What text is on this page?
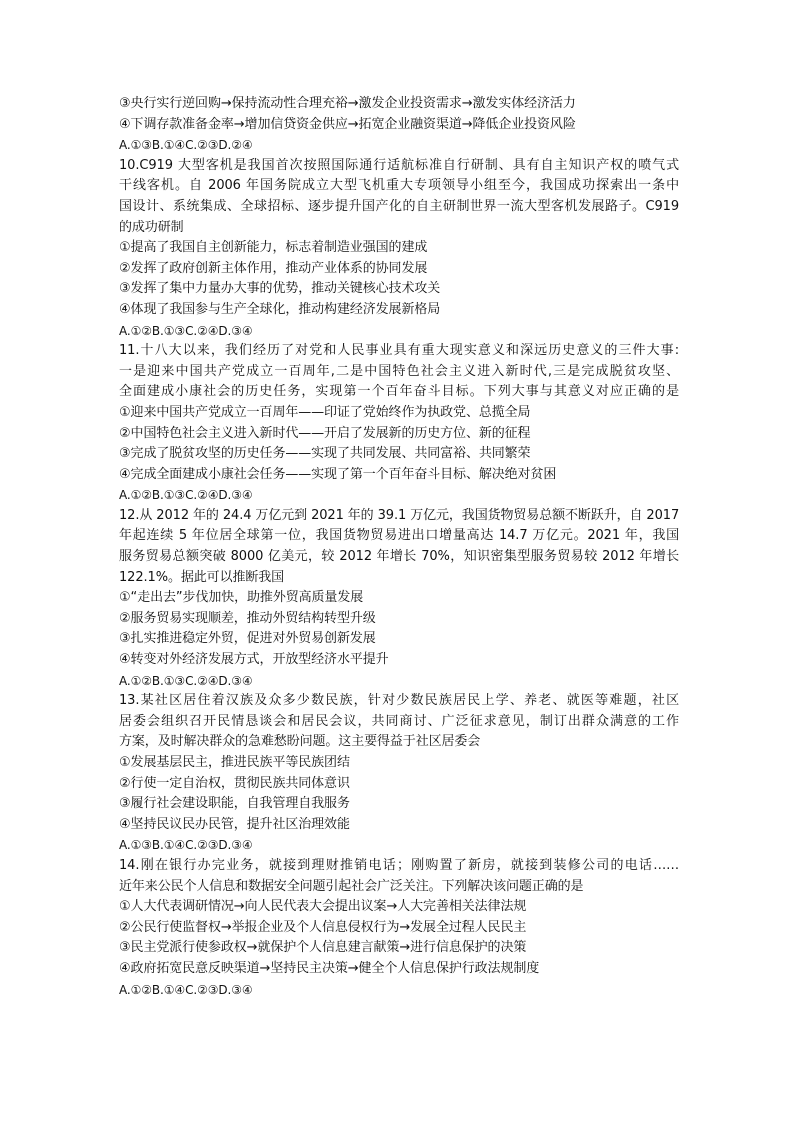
③央行实行逆回购→保持流动性合理充裕→激发企业投资需求→激发实体经济活力
④下调存款准备金率→增加信贷资金供应→拓宽企业融资渠道→降低企业投资风险
A.①③B.①④C.②③D.②④
10.C919 大型客机是我国首次按照国际通行适航标准自行研制、具有自主知识产权的喷气式
干线客机。自 2006 年国务院成立大型飞机重大专项领导小组至今，我国成功探索出一条中
国设计、系统集成、全球招标、逐步提升国产化的自主研制世界一流大型客机发展路子。C919
的成功研制
①提高了我国自主创新能力，标志着制造业强国的建成
②发挥了政府创新主体作用，推动产业体系的协同发展
③发挥了集中力量办大事的优势，推动关键核心技术攻关
④体现了我国参与生产全球化，推动构建经济发展新格局
A.①②B.①③C.②④D.③④
11.十八大以来，我们经历了对党和人民事业具有重大现实意义和深远历史意义的三件大事:
一是迎来中国共产党成立一百周年,二是中国特色社会主义进入新时代,三是完成脱贫攻坚、
全面建成小康社会的历史任务，实现第一个百年奋斗目标。下列大事与其意义对应正确的是
①迎来中国共产党成立一百周年——印证了党始终作为执政党、总揽全局
②中国特色社会主义进入新时代——开启了发展新的历史方位、新的征程
③完成了脱贫攻坚的历史任务——实现了共同发展、共同富裕、共同繁荣
④完成全面建成小康社会任务——实现了第一个百年奋斗目标、解决绝对贫困
A.①②B.①③C.②④D.③④
12.从 2012 年的 24.4 万亿元到 2021 年的 39.1 万亿元，我国货物贸易总额不断跃升，自 2017
年起连续 5 年位居全球第一位，我国货物贸易进出口增量高达 14.7 万亿元。2021 年，我国
服务贸易总额突破 8000 亿美元，较 2012 年增长 70%，知识密集型服务贸易较 2012 年增长
122.1%。据此可以推断我国
①“走出去”步伐加快，助推外贸高质量发展
②服务贸易实现顺差，推动外贸结构转型升级
③扎实推进稳定外贸，促进对外贸易创新发展
④转变对外经济发展方式，开放型经济水平提升
A.①②B.①③C.②④D.③④
13.某社区居住着汉族及众多少数民族，针对少数民族居民上学、养老、就医等难题，社区
居委会组织召开民情恳谈会和居民会议，共同商讨、广泛征求意见，制订出群众满意的工作
方案，及时解决群众的急难愁盼问题。这主要得益于社区居委会
①发展基层民主，推进民族平等民族团结
②行使一定自治权，贯彻民族共同体意识
③履行社会建设职能，自我管理自我服务
④坚持民议民办民管，提升社区治理效能
A.①③B.①④C.②③D.③④
14.刚在银行办完业务，就接到理财推销电话；刚购置了新房，就接到装修公司的电话……
近年来公民个人信息和数据安全问题引起社会广泛关注。下列解决该问题正确的是
①人大代表调研情况→向人民代表大会提出议案→人大完善相关法律法规
②公民行使监督权→举报企业及个人信息侵权行为→发展全过程人民民主
③民主党派行使参政权→就保护个人信息建言献策→进行信息保护的决策
④政府拓宽民意反映渠道→坚持民主决策→健全个人信息保护行政法规制度
A.①②B.①④C.②③D.③④
